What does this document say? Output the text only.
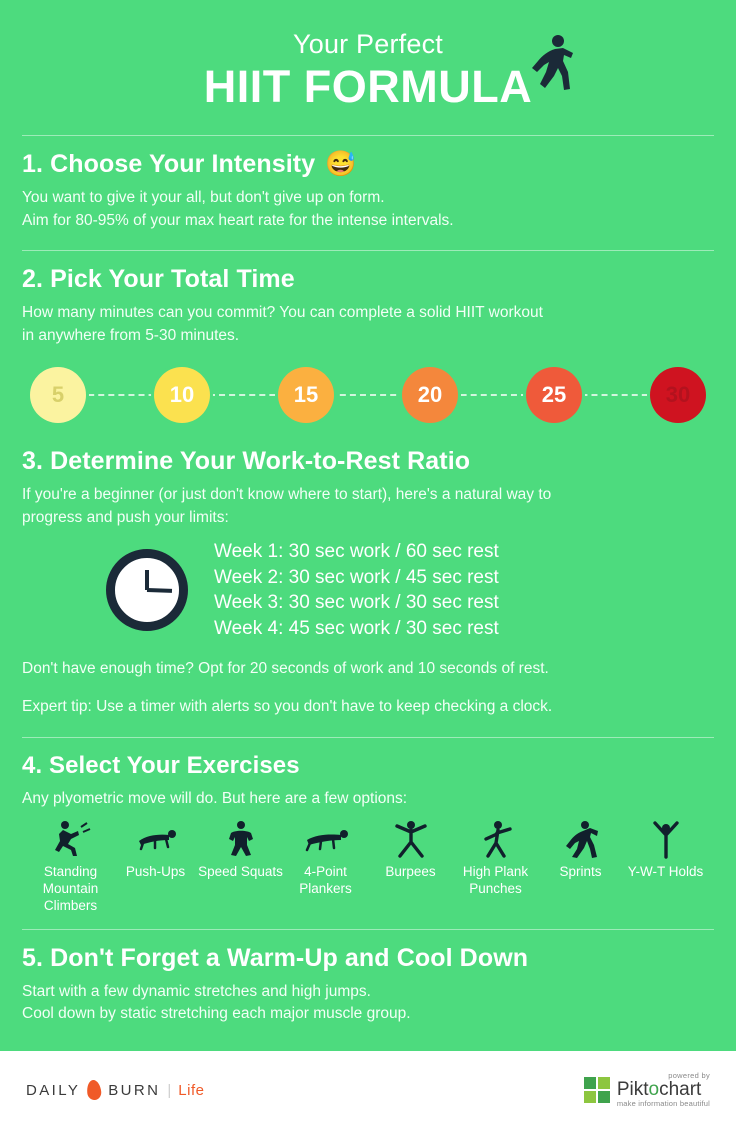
Your Perfect
HIIT FORMULA
1. Choose Your Intensity 😅
You want to give it your all, but don't give up on form.
Aim for 80-95% of your max heart rate for the intense intervals.
2. Pick Your Total Time
How many minutes can you commit? You can complete a solid HIIT workout
in anywhere from 5-30 minutes.
5	10	15	20	25	30
3. Determine Your Work-to-Rest Ratio
If you're a beginner (or just don't know where to start), here's a natural way to
progress and push your limits:
Week 1: 30 sec work / 60 sec rest
Week 2: 30 sec work / 45 sec rest
Week 3: 30 sec work / 30 sec rest
Week 4: 45 sec work / 30 sec rest
Don't have enough time? Opt for 20 seconds of work and 10 seconds of rest.
Expert tip: Use a timer with alerts so you don't have to keep checking a clock.
4. Select Your Exercises
Any plyometric move will do. But here are a few options:
Standing Mountain Climbers
Push-Ups Speed Squats	4-Point Plankers
Burpees	High Plank Punches
Sprints	Y-W-T Holds
5. Don't Forget a Warm-Up and Cool Down
Start with a few dynamic stretches and high jumps.
Cool down by static stretching each major muscle group.
DAILY BURN | Life
powered by
Piktochart
make information beautiful
